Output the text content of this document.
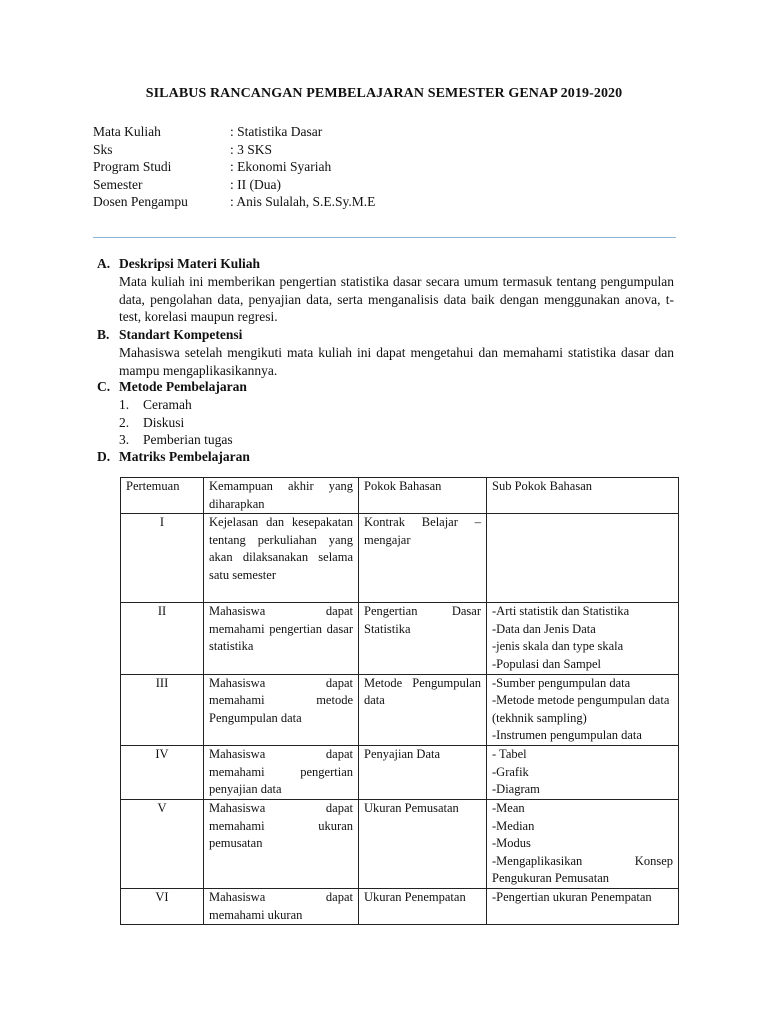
SILABUS RANCANGAN PEMBELAJARAN SEMESTER GENAP 2019-2020
Mata Kuliah	: Statistika Dasar
Sks	: 3 SKS
Program Studi	: Ekonomi Syariah
Semester	: II (Dua)
Dosen Pengampu	: Anis Sulalah, S.E.Sy.M.E
A. Deskripsi Materi Kuliah
Mata kuliah ini memberikan pengertian statistika dasar secara umum termasuk tentang pengumpulan data, pengolahan data, penyajian data, serta menganalisis data baik dengan menggunakan anova, t-test, korelasi maupun regresi.
B. Standart Kompetensi
Mahasiswa setelah mengikuti mata kuliah ini dapat mengetahui dan memahami statistika dasar dan mampu mengaplikasikannya.
C. Metode Pembelajaran
1. Ceramah
2. Diskusi
3. Pemberian tugas
D. Matriks Pembelajaran
Pertemuan	Kemampuan akhir yang diharapkan	Pokok Bahasan	Sub Pokok Bahasan
I	Kejelasan dan kesepakatan tentang perkuliahan yang akan dilaksanakan selama satu semester	Kontrak Belajar – mengajar	
II	Mahasiswa dapat memahami pengertian dasar statistika	Pengertian Dasar Statistika	-Arti statistik dan Statistika
-Data dan Jenis Data
-jenis skala dan type skala
-Populasi dan Sampel

III	Mahasiswa dapat memahami metode Pengumpulan data	Metode Pengumpulan data	-Sumber pengumpulan data
-Metode metode pengumpulan data (tekhnik sampling)
-Instrumen pengumpulan data

IV	Mahasiswa dapat memahami pengertian penyajian data	Penyajian Data	- Tabel
-Grafik
-Diagram

V	Mahasiswa dapat memahami ukuran pemusatan	Ukuran Pemusatan	-Mean
-Median
-Modus
-Mengaplikasikan Konsep Pengukuran Pemusatan

VI	Mahasiswa dapat memahami ukuran	Ukuran Penempatan	-Pengertian ukuran Penempatan
